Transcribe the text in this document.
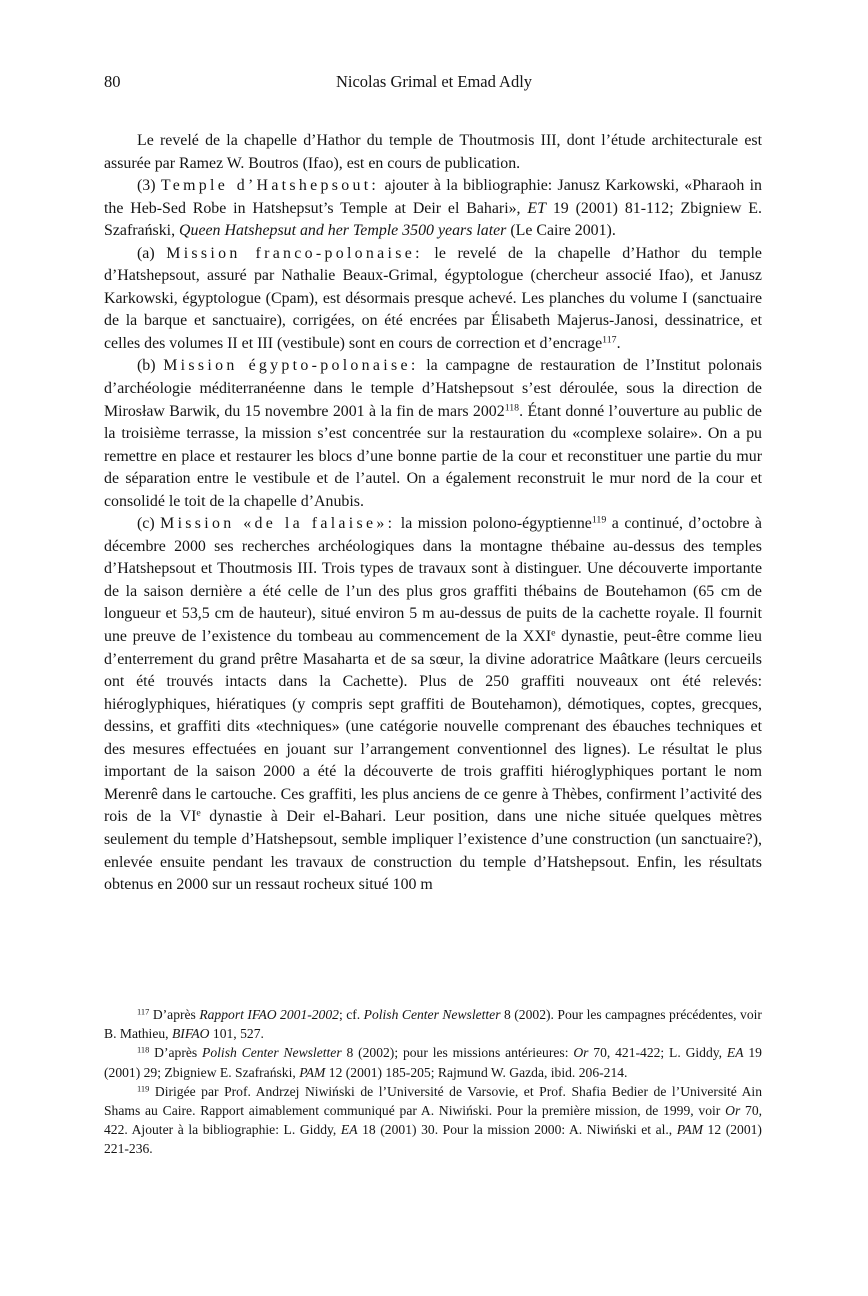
80	Nicolas Grimal et Emad Adly

Le revelé de la chapelle d’Hathor du temple de Thoutmosis III, dont l’étude architecturale est assurée par Ramez W. Boutros (Ifao), est en cours de publication.

(3) Temple d’Hatshepsout: ajouter à la bibliographie: Janusz Karkowski, «Pharaoh in the Heb-Sed Robe in Hatshepsut’s Temple at Deir el Bahari», ET 19 (2001) 81-112; Zbigniew E. Szafrański, Queen Hatshepsut and her Temple 3500 years later (Le Caire 2001).

(a) Mission franco-polonaise: le revelé de la chapelle d’Hathor du temple d’Hatshepsout, assuré par Nathalie Beaux-Grimal, égyptologue (chercheur associé Ifao), et Janusz Karkowski, égyptologue (Cpam), est désormais presque achevé. Les planches du volume I (sanctuaire de la barque et sanctuaire), corrigées, on été encrées par Élisabeth Majerus-Janosi, dessinatrice, et celles des volumes II et III (vestibule) sont en cours de correction et d’encrage$^{117}$.

(b) Mission égypto-polonaise: la campagne de restauration de l’Institut polonais d’archéologie méditerranéenne dans le temple d’Hatshepsout s’est déroulée, sous la direction de Mirosław Barwik, du 15 novembre 2001 à la fin de mars 2002$^{118}$. Étant donné l’ouverture au public de la troisième terrasse, la mission s’est concentrée sur la restauration du «complexe solaire». On a pu remettre en place et restaurer les blocs d’une bonne partie de la cour et reconstituer une partie du mur de séparation entre le vestibule et de l’autel. On a également reconstruit le mur nord de la cour et consolidé le toit de la chapelle d’Anubis.

(c) Mission «de la falaise»: la mission polono-égyptienne$^{119}$ a continué, d’octobre à décembre 2000 ses recherches archéologiques dans la montagne thébaine au-dessus des temples d’Hatshepsout et Thoutmosis III. Trois types de travaux sont à distinguer. Une découverte importante de la saison dernière a été celle de l’un des plus gros graffiti thébains de Boutehamon (65 cm de longueur et 53,5 cm de hauteur), situé environ 5 m au-dessus de puits de la cachette royale. Il fournit une preuve de l’existence du tombeau au commencement de la XXIe dynastie, peut-être comme lieu d’enterrement du grand prêtre Masaharta et de sa sœur, la divine adoratrice Maâtkare (leurs cercueils ont été trouvés intacts dans la Cachette). Plus de 250 graffiti nouveaux ont été relevés: hiéroglyphiques, hiératiques (y compris sept graffiti de Boutehamon), démotiques, coptes, grecques, dessins, et graffiti dits «techniques» (une catégorie nouvelle comprenant des ébauches techniques et des mesures effectuées en jouant sur l’arrangement conventionnel des lignes). Le résultat le plus important de la saison 2000 a été la découverte de trois graffiti hiéroglyphiques portant le nom Merenrê dans le cartouche. Ces graffiti, les plus anciens de ce genre à Thèbes, confirment l’activité des rois de la VIe dynastie à Deir el-Bahari. Leur position, dans une niche située quelques mètres seulement du temple d’Hatshepsout, semble impliquer l’existence d’une construction (un sanctuaire?), enlevée ensuite pendant les travaux de construction du temple d’Hatshepsout. Enfin, les résultats obtenus en 2000 sur un ressaut rocheux situé 100 m

$^{117}$ D’après Rapport IFAO 2001-2002; cf. Polish Center Newsletter 8 (2002). Pour les campagnes précédentes, voir B. Mathieu, BIFAO 101, 527.

$^{118}$ D’après Polish Center Newsletter 8 (2002); pour les missions antérieures: Or 70, 421-422; L. Giddy, EA 19 (2001) 29; Zbigniew E. Szafrański, PAM 12 (2001) 185-205; Rajmund W. Gazda, ibid. 206-214.

$^{119}$ Dirigée par Prof. Andrzej Niwiński de l’Université de Varsovie, et Prof. Shafia Bedier de l’Université Ain Shams au Caire. Rapport aimablement communiqué par A. Niwiński. Pour la première mission, de 1999, voir Or 70, 422. Ajouter à la bibliographie: L. Giddy, EA 18 (2001) 30. Pour la mission 2000: A. Niwiński et al., PAM 12 (2001) 221-236.
